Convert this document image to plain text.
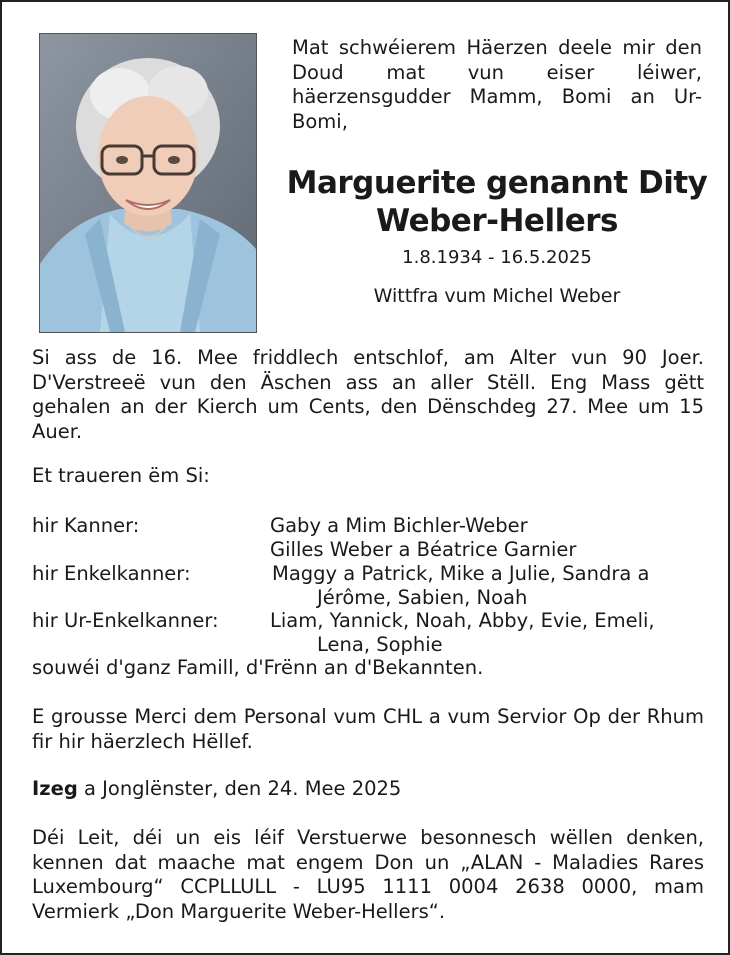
Mat schwéierem Häerzen deele mir den Doud mat vun eiser léiwer, häerzensgudder Mamm, Bomi an Ur-Bomi,
Marguerite genannt Dity
Weber-Hellers
1.8.1934 - 16.5.2025
Wittfra vum Michel Weber
Si ass de 16. Mee friddlech entschlof, am Alter vun 90 Joer. D'Verstreeë vun den Äschen ass an aller Stëll. Eng Mass gëtt gehalen an der Kierch um Cents, den Dënschdeg 27. Mee um 15 Auer.
Et traueren ëm Si:
hir Kanner:	Gaby a Mim Bichler-Weber
Gilles Weber a Béatrice Garnier
hir Enkelkanner:	Maggy a Patrick, Mike a Julie, Sandra a
Jérôme, Sabien, Noah
hir Ur-Enkelkanner:	Liam, Yannick, Noah, Abby, Evie, Emeli,
Lena, Sophie
souwéi d'ganz Famill, d'Frënn an d'Bekannten.
E grousse Merci dem Personal vum CHL a vum Servior Op der Rhum fir hir häerzlech Hëllef.
Izeg a Jonglënster, den 24. Mee 2025
Déi Leit, déi un eis léif Verstuerwe besonnesch wëllen denken, kennen dat maache mat engem Don un „ALAN - Maladies Rares Luxembourg“ CCPLLULL - LU95 1111 0004 2638 0000, mam Vermierk „Don Marguerite Weber-Hellers“.
